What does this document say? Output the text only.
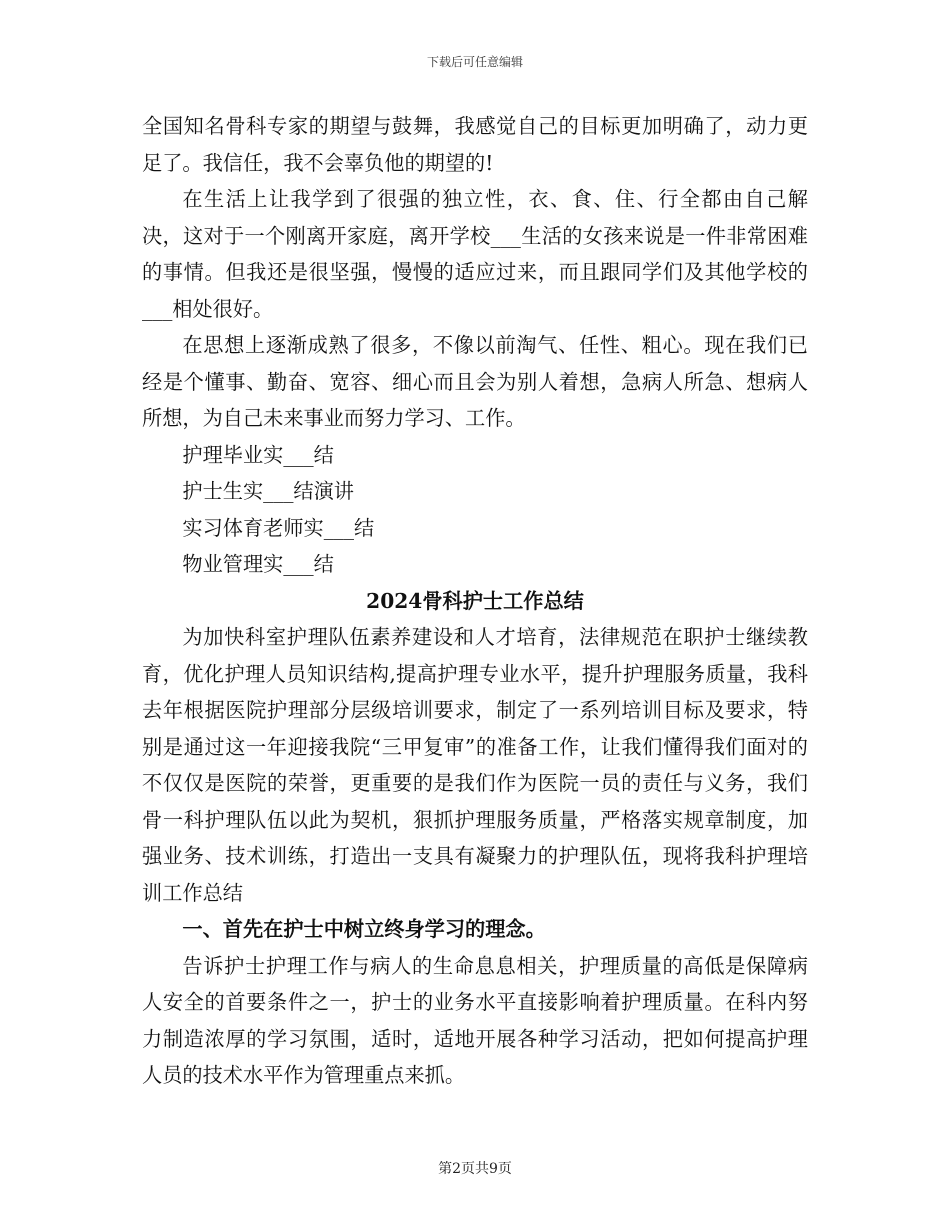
下载后可任意编辑

全国知名骨科专家的期望与鼓舞，我感觉自己的目标更加明确了，动力更足了。我信任，我不会辜负他的期望的!

在生活上让我学到了很强的独立性，衣、食、住、行全都由自己解决，这对于一个刚离开家庭，离开学校___生活的女孩来说是一件非常困难的事情。但我还是很坚强，慢慢的适应过来，而且跟同学们及其他学校的___相处很好。

在思想上逐渐成熟了很多，不像以前淘气、任性、粗心。现在我们已经是个懂事、勤奋、宽容、细心而且会为别人着想，急病人所急、想病人所想，为自己未来事业而努力学习、工作。

护理毕业实___结

护士生实___结演讲

实习体育老师实___结

物业管理实___结

2024骨科护士工作总结

为加快科室护理队伍素养建设和人才培育，法律规范在职护士继续教育，优化护理人员知识结构,提高护理专业水平，提升护理服务质量，我科去年根据医院护理部分层级培训要求，制定了一系列培训目标及要求，特别是通过这一年迎接我院“三甲复审”的准备工作，让我们懂得我们面对的不仅仅是医院的荣誉，更重要的是我们作为医院一员的责任与义务，我们骨一科护理队伍以此为契机，狠抓护理服务质量，严格落实规章制度，加强业务、技术训练，打造出一支具有凝聚力的护理队伍，现将我科护理培训工作总结

一、首先在护士中树立终身学习的理念。

告诉护士护理工作与病人的生命息息相关，护理质量的高低是保障病人安全的首要条件之一，护士的业务水平直接影响着护理质量。在科内努力制造浓厚的学习氛围，适时，适地开展各种学习活动，把如何提高护理人员的技术水平作为管理重点来抓。

第2页共9页
